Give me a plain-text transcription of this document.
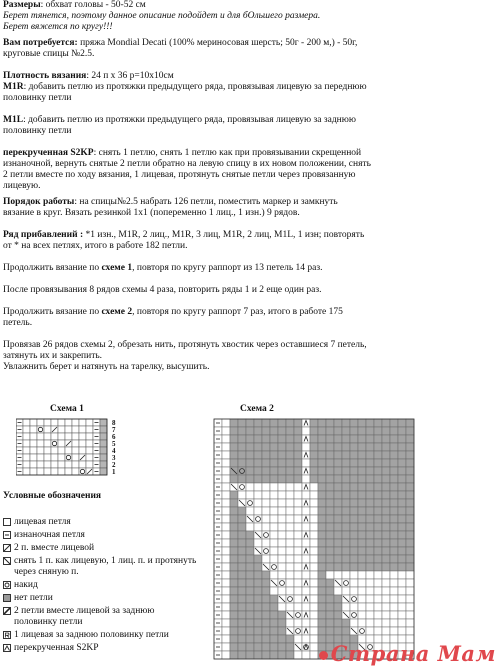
Размеры: обхват головы - 50-52 см

Берет тянется, поэтому данное описание подойдет и для бОльшего размера.

Берет вяжется по кругу!!!

Вам потребуется: пряжа Mondial Decati (100% мериносовая шерсть; 50г - 200 м,) - 50г,

круговые спицы №2.5.

Плотность вязания: 24 п х 36 р=10х10см

M1R: добавить петлю из протяжки предыдущего ряда, провязывая лицевую за переднюю

половинку петли

M1L: добавить петлю из протяжки предыдущего ряда, провязывая лицевую за заднюю

половинку петли

перекрученная S2KP: снять 1 петлю, снять 1 петлю как при провязывании скрещенной

изнаночной, вернуть снятые 2 петли обратно на левую спицу в их новом положении, снять

2 петли вместе по ходу вязания, 1 лицевая, протянуть снятые петли через провязанную

лицевую.

Порядок работы: на спицы№2.5 набрать 126 петли, поместить маркер и замкнуть

вязание в круг. Вязать резинкой 1х1 (попеременно 1 лиц., 1 изн.) 9 рядов.

Ряд прибавлений : *1 изн., M1R, 2 лиц., M1R, 3 лиц, M1R, 2 лиц, M1L, 1 изн; повторять

от * на всех петлях, итого в работе 182 петли.

Продолжить вязание по схеме 1, повторя по кругу раппорт из 13 петель 14 раз.

После провязывания 8 рядов схемы 4 раза, повторить ряды 1 и 2 еще один раз.

Продолжить вязание по схеме 2, повторя по кругу раппорт 7 раз, итого в работе 175

петель.

Провязав 26 рядов схемы 2, обрезать нить, протянуть хвостик через оставшиеся 7 петель,

затянуть их и закрепить.

Увлажнить берет и натянуть на тарелку, высушить.

Схема 1	Схема 2
8
7
6
5
4
3
2
1
Условные обозначения
лицевая петля
изнаночная петля
2 п. вместе лицевой
снять 1 п. как лицевую, 1 лиц. п. и протянуть
через сняную п.
накид
нет петли
2 петли вместе лицевой за заднюю
половинку петли
1 лицевая за заднюю половинку петли
перекрученная S2KP	Страна Мам
